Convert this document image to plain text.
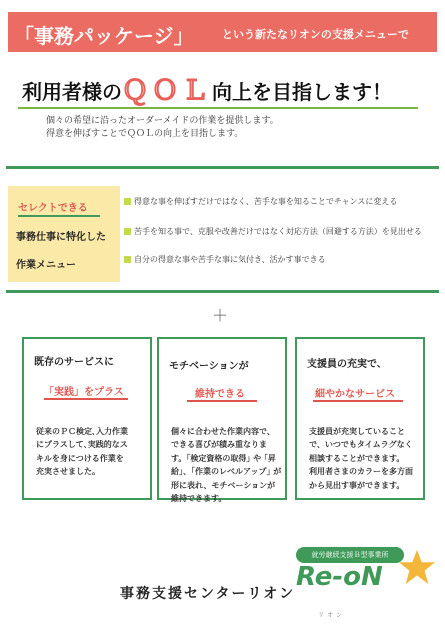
「事務パッケージ」	という新たなリオンの支援メニューで
利用者様のＱＯＬ向上を目指します！
個々の希望に沿ったオーダーメイドの作業を提供します。
得意を伸ばすことでＱＯＬの向上を目指します。
セレクトできる
事務仕事に特化した
作業メニュー
得意な事を伸ばすだけではなく、苦手な事を知ることでチャンスに変える
苦手を知る事で、克服や改善だけではなく対応方法（回避する方法）を見出せる
自分の得意な事や苦手な事に気付き、活かす事できる
＋
既存のサービスに
「実践」をプラス
従来のＰＣ検定､入力作業
にプラスして､実践的なス
キルを身につける作業を
充実させました。
モチベーションが
維持できる
個々に合わせた作業内容で、
できる喜びが積み重なりま
す。｢検定資格の取得｣ や ｢昇
給｣、｢作業のレベルアップ｣ が
形に表れ、モチベーションが
維持できます。
支援員の充実で、
細やかなサービス
支援員が充実していること
で、いつでもタイムラグなく
相談することができます。
利用者さまのカラーを多方面
から見出す事ができます。
事務支援センターリオン
就労継続支援Ｂ型事業所
Re-oN
リオン
